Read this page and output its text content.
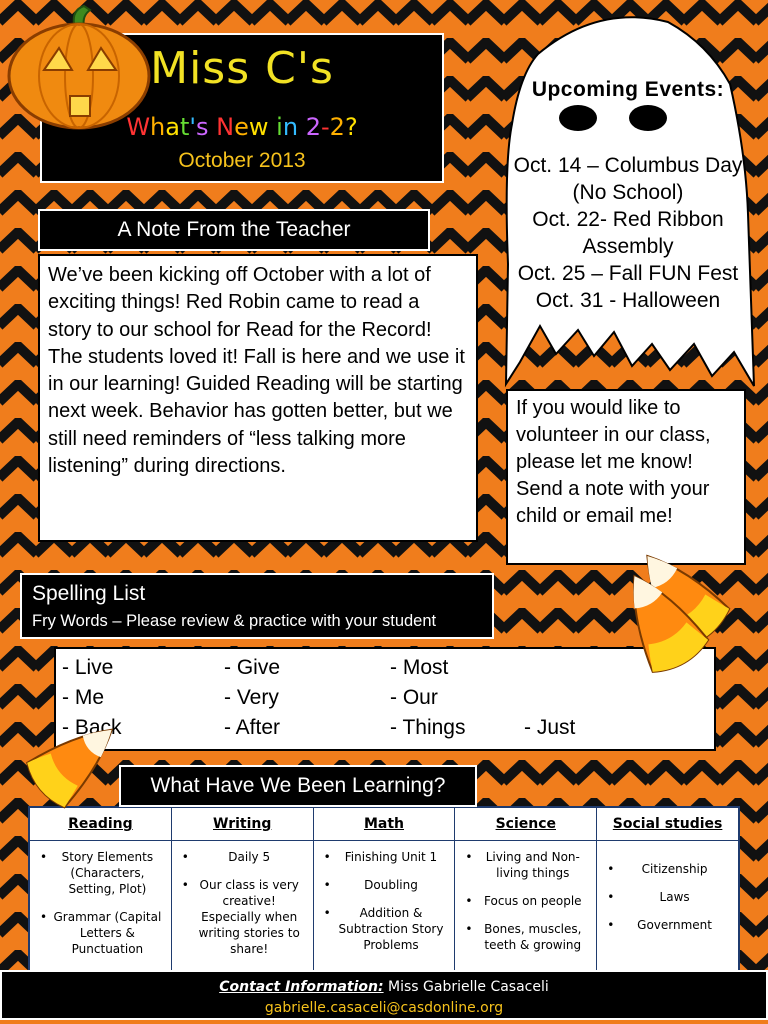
Miss C's
What's New in 2-2?
October 2013
Upcoming Events:
Oct. 14 – Columbus Day (No School)
Oct. 22- Red Ribbon Assembly
Oct. 25 – Fall FUN Fest
Oct. 31 - Halloween
If you would like to volunteer in our class, please let me know! Send a note with your child or email me!
A Note From the Teacher
We’ve been kicking off October with a lot of exciting things! Red Robin came to read a story to our school for Read for the Record! The students loved it! Fall is here and we use it in our learning! Guided Reading will be starting next week. Behavior has gotten better, but we still need reminders of “less talking more listening” during directions.
Spelling List
Fry Words – Please review & practice with your student
- Live
- Me
- Back
- Give
- Very
- After
- Most
- Our
- Things	- Just
What Have We Been Learning?
Reading
• Story Elements (Characters, Setting, Plot)
• Grammar (Capital Letters & Punctuation
Writing
• Daily 5
• Our class is very creative! Especially when writing stories to share!
Math
• Finishing Unit 1
• Doubling
• Addition & Subtraction Story Problems
Science
• Living and Non-living things
• Focus on people
• Bones, muscles, teeth & growing
Social studies
• Citizenship
• Laws
• Government
Contact Information: Miss Gabrielle Casaceli
gabrielle.casaceli@casdonline.org
